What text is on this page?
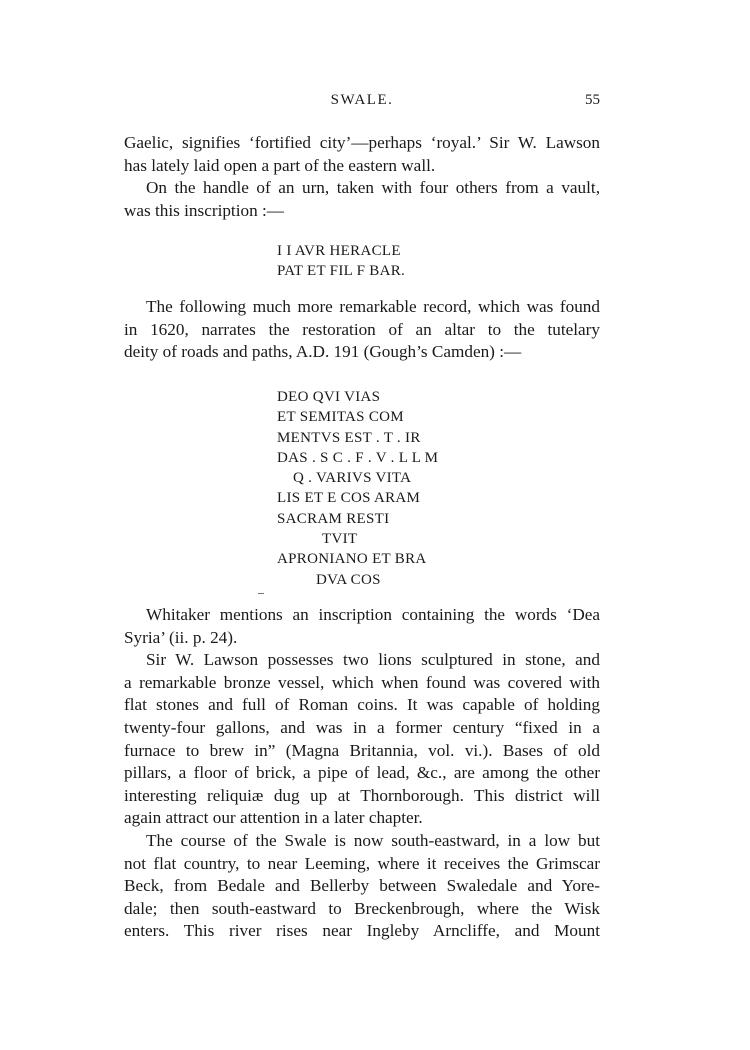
SWALE.	55
Gaelic, signifies ‘fortified city’—perhaps ‘royal.’ Sir W. Lawson
has lately laid open a part of the eastern wall.
On the handle of an urn, taken with four others from a vault,
was this inscription :—
I I AVR HERACLE
PAT ET FIL F BAR.
The following much more remarkable record, which was found
in 1620, narrates the restoration of an altar to the tutelary
deity of roads and paths, A.D. 191 (Gough’s Camden) :—
DEO QVI VIAS
ET SEMITAS COM
MENTVS EST . T . IR
DAS . S C . F . V . L L M
Q . VARIVS VITA
LIS ET E COS ARAM
SACRAM RESTI
TVIT
APRONIANO ET BRA
DVA COS
Whitaker mentions an inscription containing the words ‘Dea
Syria’ (ii. p. 24).
Sir W. Lawson possesses two lions sculptured in stone, and
a remarkable bronze vessel, which when found was covered with
flat stones and full of Roman coins. It was capable of holding
twenty-four gallons, and was in a former century “fixed in a
furnace to brew in” (Magna Britannia, vol. vi.). Bases of old
pillars, a floor of brick, a pipe of lead, &c., are among the other
interesting reliquiæ dug up at Thornborough. This district will
again attract our attention in a later chapter.
The course of the Swale is now south-eastward, in a low but
not flat country, to near Leeming, where it receives the Grimscar
Beck, from Bedale and Bellerby between Swaledale and Yore-
dale; then south-eastward to Breckenbrough, where the Wisk
enters. This river rises near Ingleby Arncliffe, and Mount
